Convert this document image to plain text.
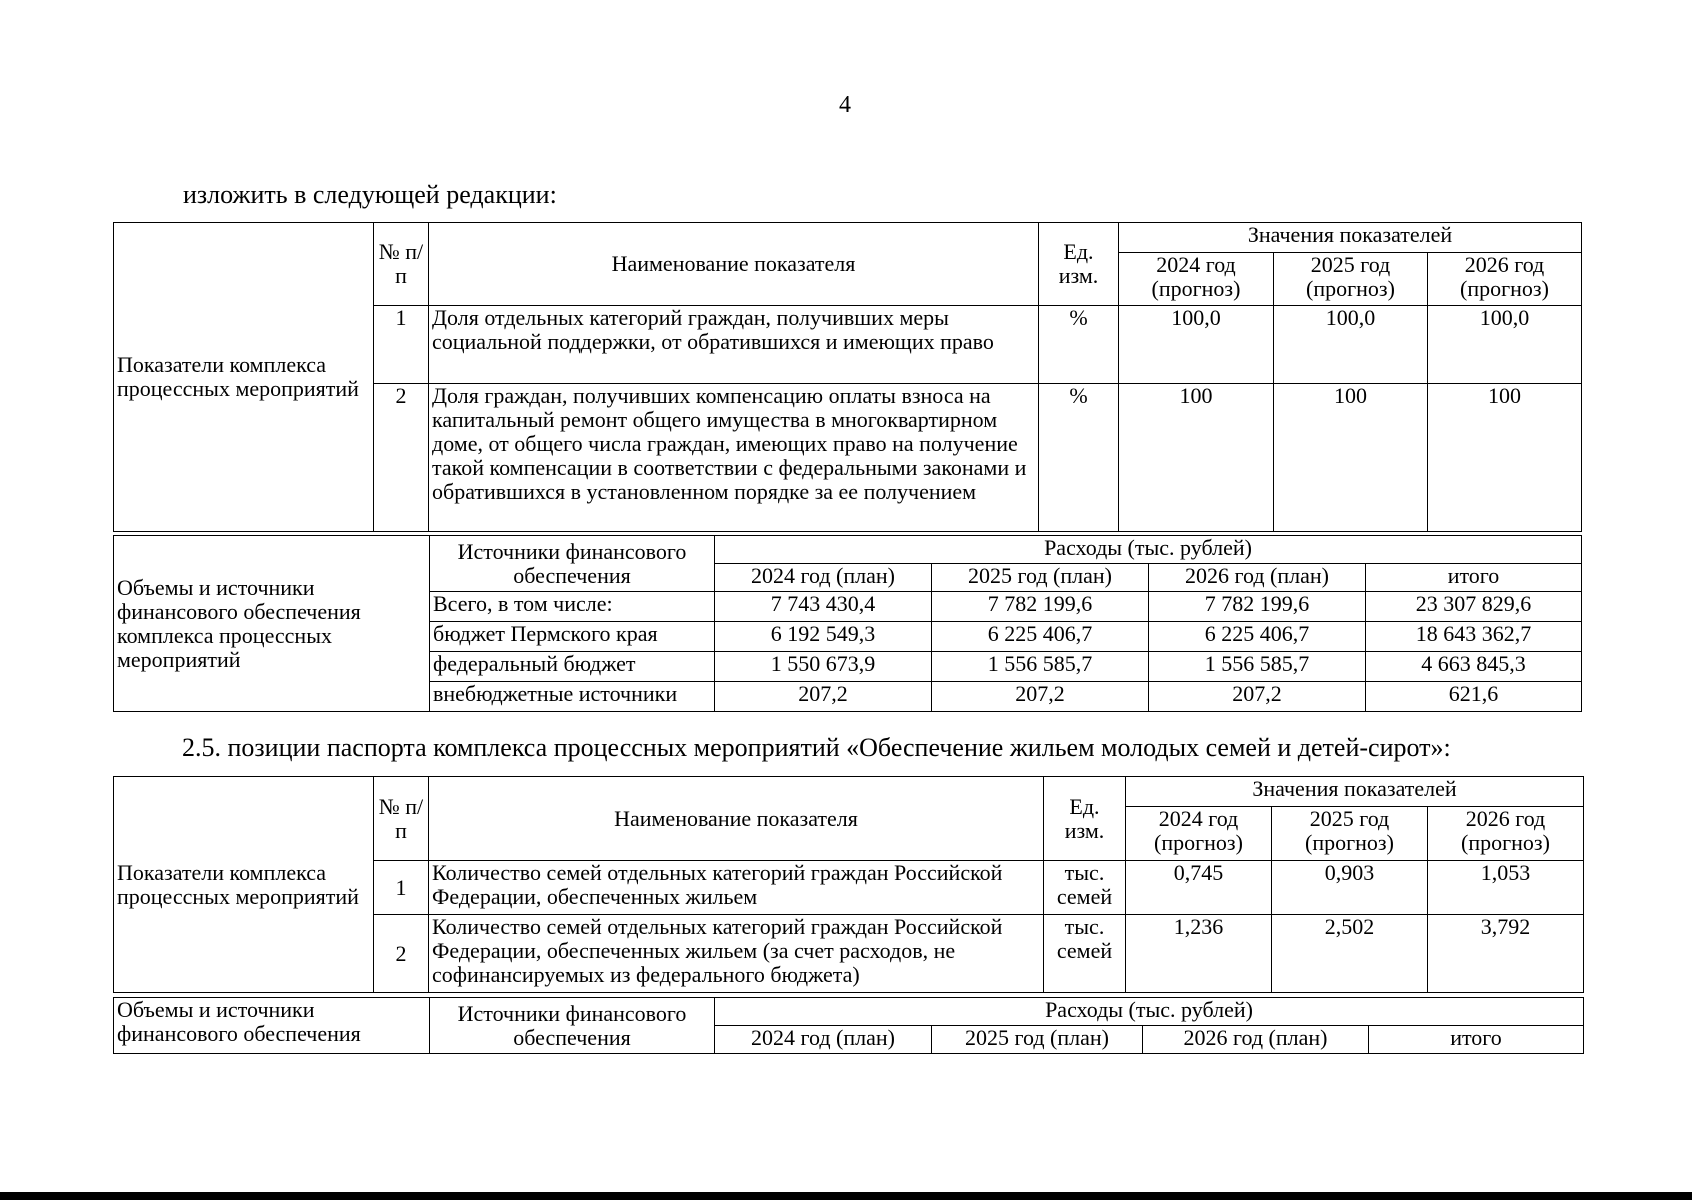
4
изложить в следующей редакции:
Показатели комплекса процессных мероприятий	№ п/п	Наименование показателя	Ед. изм.	Значения показателей		
				2024 год (прогноз)	2025 год (прогноз)	2026 год (прогноз)
	1	Доля отдельных категорий граждан, получивших меры социальной поддержки, от обратившихся и имеющих право	%	100,0	100,0	100,0
	2	Доля граждан, получивших компенсацию оплаты взноса на капитальный ремонт общего имущества в многоквартирном доме, от общего числа граждан, имеющих право на получение такой компенсации в соответствии с федеральными законами и обратившихся в установленном порядке за ее получением	%	100	100	100
Объемы и источники финансового обеспечения комплекса процессных мероприятий	Источники финансового обеспечения	Расходы (тыс. рублей)			
		2024 год (план)	2025 год (план)	2026 год (план)	итого
	Всего, в том числе:	7 743 430,4	7 782 199,6	7 782 199,6	23 307 829,6
	бюджет Пермского края	6 192 549,3	6 225 406,7	6 225 406,7	18 643 362,7
	федеральный бюджет	1 550 673,9	1 556 585,7	1 556 585,7	4 663 845,3
	внебюджетные источники	207,2	207,2	207,2	621,6
2.5. позиции паспорта комплекса процессных мероприятий «Обеспечение жильем молодых семей и детей-сирот»:
Показатели комплекса процессных мероприятий	№ п/п	Наименование показателя	Ед. изм.	Значения показателей		
				2024 год (прогноз)	2025 год (прогноз)	2026 год (прогноз)
	1	Количество семей отдельных категорий граждан Российской Федерации, обеспеченных жильем	тыс. семей	0,745	0,903	1,053
	2	Количество семей отдельных категорий граждан Российской Федерации, обеспеченных жильем (за счет расходов, не софинансируемых из федерального бюджета)	тыс. семей	1,236	2,502	3,792
Объемы и источники финансового обеспечения	Источники финансового обеспечения	Расходы (тыс. рублей)			
		2024 год (план)	2025 год (план)	2026 год (план)	итого
